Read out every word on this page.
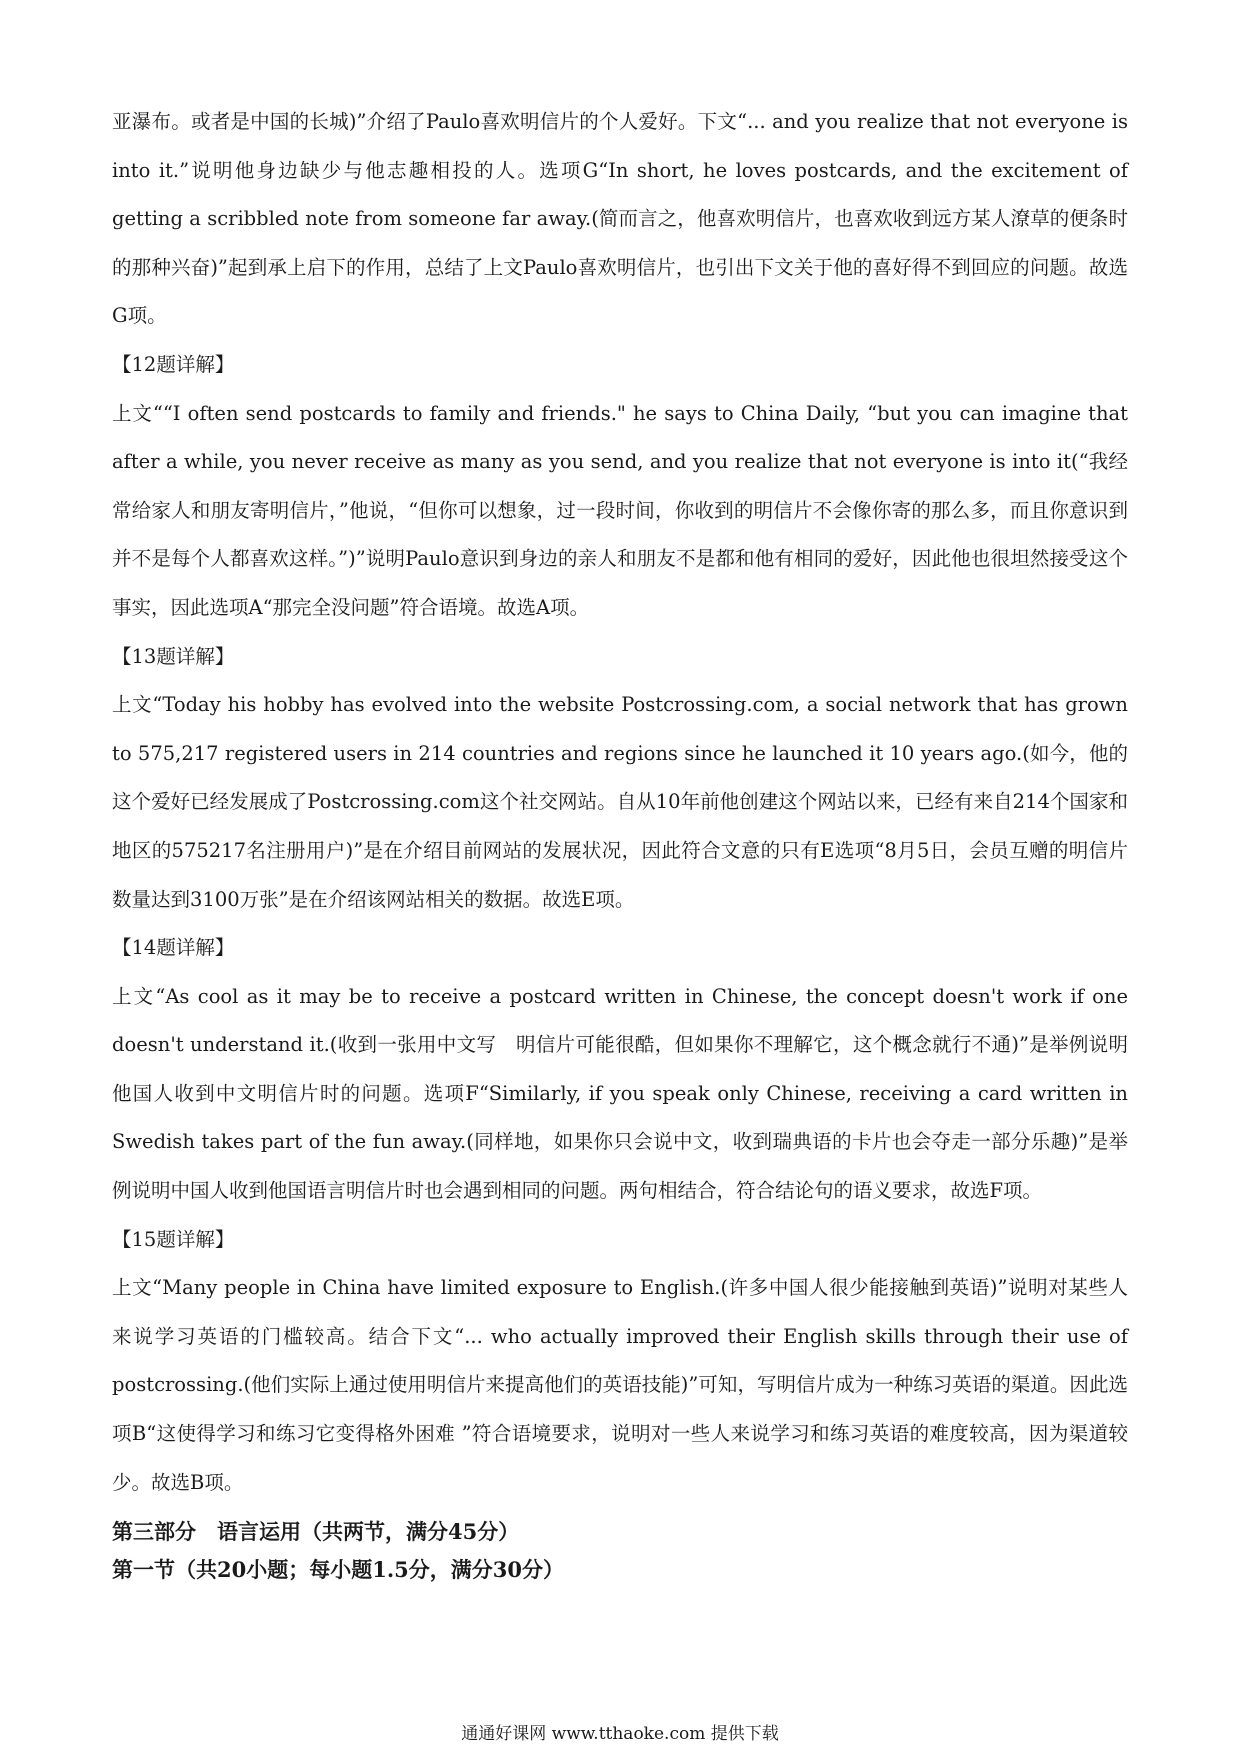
亚瀑布。或者是中国的长城)”介绍了Paulo喜欢明信片的个人爱好。下文“... and you realize that not everyone is into it.”说明他身边缺少与他志趣相投的人。选项G“In short, he loves postcards, and the excitement of getting a scribbled note from someone far away.(简而言之，他喜欢明信片，也喜欢收到远方某人潦草的便条时的那种兴奋)”起到承上启下的作用，总结了上文Paulo喜欢明信片，也引出下文关于他的喜好得不到回应的问题。故选G项。

【12题详解】

上文““I often send postcards to family and friends." he says to China Daily, “but you can imagine that after a while, you never receive as many as you send, and you realize that not everyone is into it(“我经常给家人和朋友寄明信片，”他说，“但你可以想象，过一段时间，你收到的明信片不会像你寄的那么多，而且你意识到并不是每个人都喜欢这样。”)”说明Paulo意识到身边的亲人和朋友不是都和他有相同的爱好，因此他也很坦然接受这个事实，因此选项A“那完全没问题”符合语境。故选A项。

【13题详解】

上文“Today his hobby has evolved into the website Postcrossing.com, a social network that has grown to 575,217 registered users in 214 countries and regions since he launched it 10 years ago.(如今，他的这个爱好已经发展成了Postcrossing.com这个社交网站。自从10年前他创建这个网站以来，已经有来自214个国家和地区的575217名注册用户)”是在介绍目前网站的发展状况，因此符合文意的只有E选项“8月5日，会员互赠的明信片数量达到3100万张”是在介绍该网站相关的数据。故选E项。

【14题详解】

上文“As cool as it may be to receive a postcard written in Chinese, the concept doesn't work if one doesn't understand it.(收到一张用中文写　明信片可能很酷，但如果你不理解它，这个概念就行不通)”是举例说明他国人收到中文明信片时的问题。选项F“Similarly, if you speak only Chinese, receiving a card written in Swedish takes part of the fun away.(同样地，如果你只会说中文，收到瑞典语的卡片也会夺走一部分乐趣)”是举例说明中国人收到他国语言明信片时也会遇到相同的问题。两句相结合，符合结论句的语义要求，故选F项。

【15题详解】

上文“Many people in China have limited exposure to English.(许多中国人很少能接触到英语)”说明对某些人来说学习英语的门槛较高。结合下文“... who actually improved their English skills through their use of postcrossing.(他们实际上通过使用明信片来提高他们的英语技能)”可知，写明信片成为一种练习英语的渠道。因此选项B“这使得学习和练习它变得格外困难 ”符合语境要求，说明对一些人来说学习和练习英语的难度较高，因为渠道较少。故选B项。

第三部分　语言运用（共两节，满分45分）

第一节（共20小题；每小题1.5分，满分30分）

通通好课网 www.tthaoke.com 提供下载
